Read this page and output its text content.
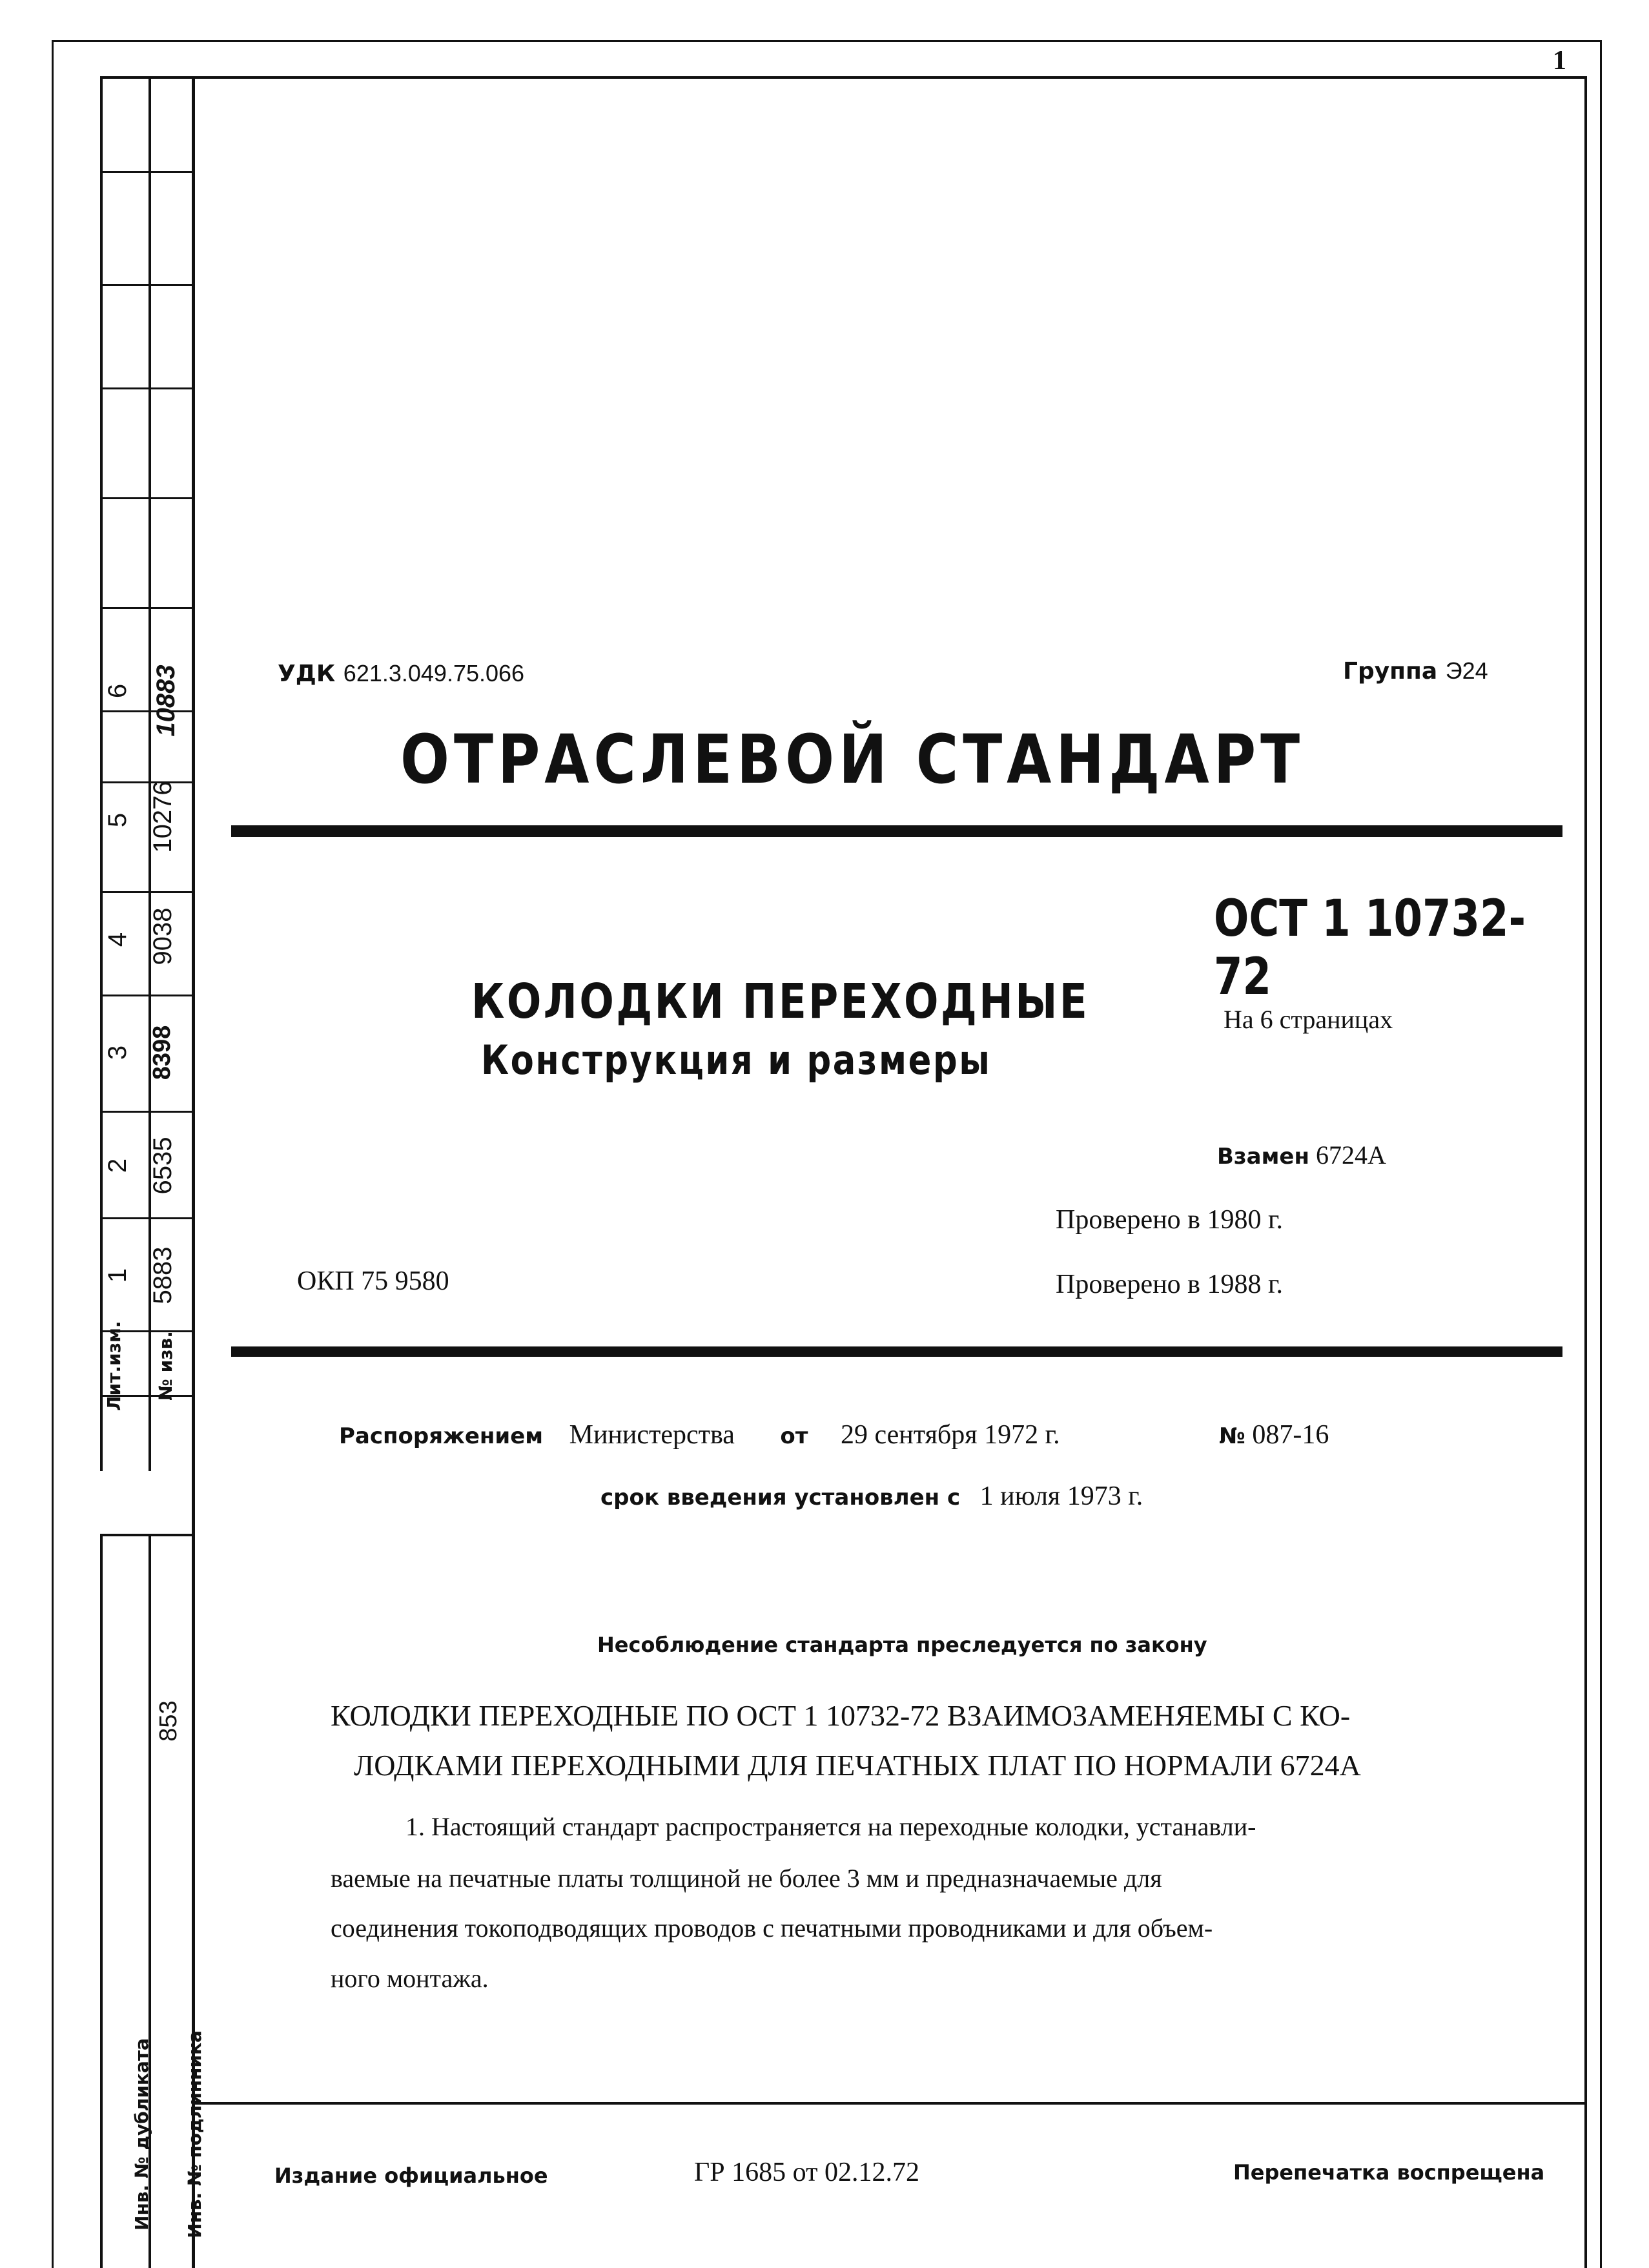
1
6 10883
5 10276
4 9038
3 8398
2 6535
1 5883
Лит.изм.	№ изв.
853
Инв. № дубликата	Инв. № подлинника
УДК 621.3.049.75.066	Группа Э24
ОТРАСЛЕВОЙ СТАНДАРТ
ОСТ 1 10732-72
КОЛОДКИ ПЕРЕХОДНЫЕ
Конструкция и размеры
На 6 страницах
Взамен 6724А
Проверено в 1980 г.
ОКП 75 9580	Проверено в 1988 г.
Распоряжением Министерства от 29 сентября 1972 г.	№ 087-16
срок введения установлен с 1 июля 1973 г.
Несоблюдение стандарта преследуется по закону
КОЛОДКИ ПЕРЕХОДНЫЕ ПО ОСТ 1 10732-72 ВЗАИМОЗАМЕНЯЕМЫ С КО-
ЛОДКАМИ ПЕРЕХОДНЫМИ ДЛЯ ПЕЧАТНЫХ ПЛАТ ПО НОРМАЛИ 6724А
1. Настоящий стандарт распространяется на переходные колодки, устанавли-
ваемые на печатные платы толщиной не более 3 мм и предназначаемые для
соединения токоподводящих проводов с печатными проводниками и для объем-
ного монтажа.
Издание официальное	ГР 1685 от 02.12.72	Перепечатка воспрещена
